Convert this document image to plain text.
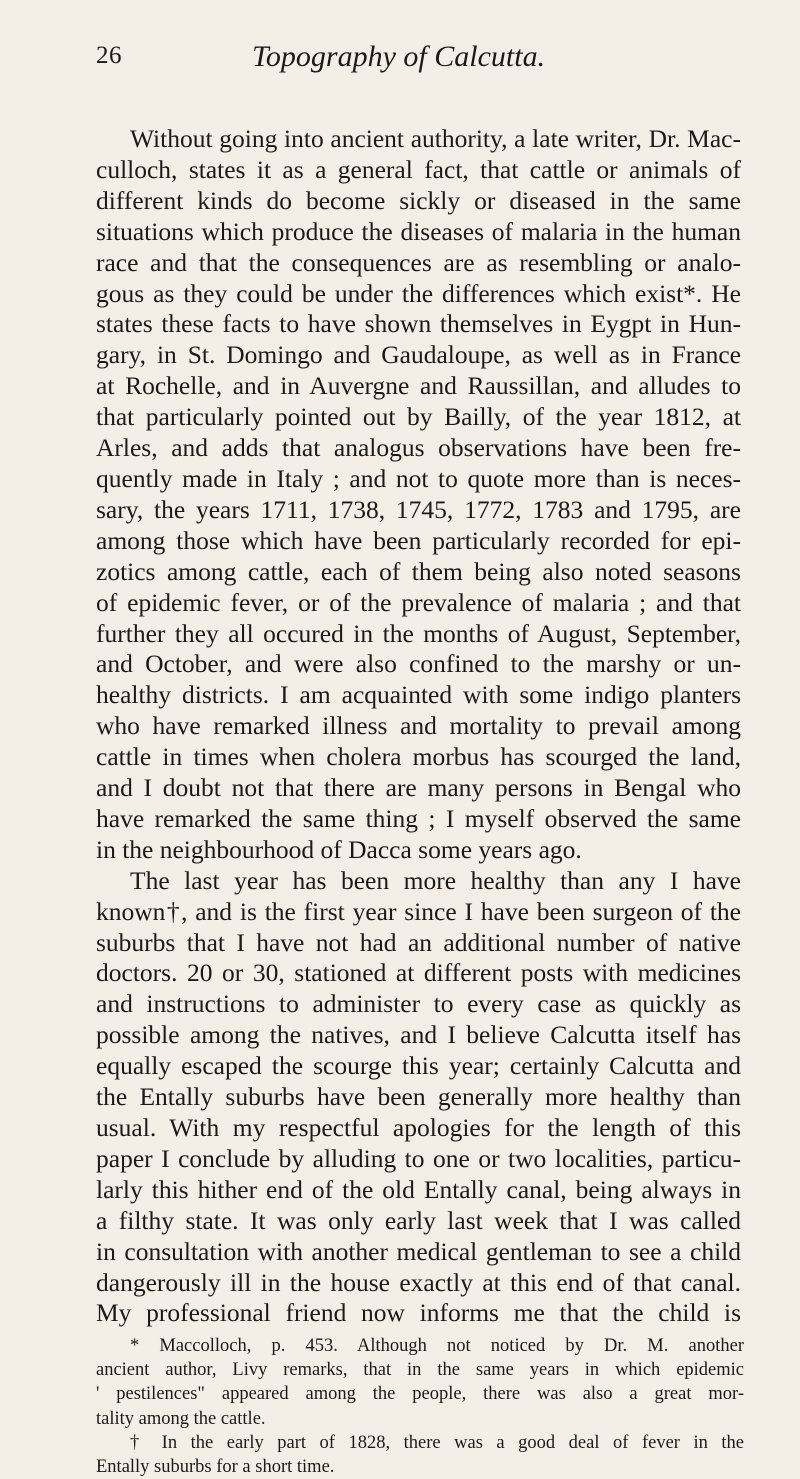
26	Topography of Calcutta.
Without going into ancient authority, a late writer, Dr. Mac-
culloch, states it as a general fact, that cattle or animals of
different kinds do become sickly or diseased in the same
situations which produce the diseases of malaria in the human
race and that the consequences are as resembling or analo-
gous as they could be under the differences which exist*. He
states these facts to have shown themselves in Eygpt in Hun-
gary, in St. Domingo and Gaudaloupe, as well as in France
at Rochelle, and in Auvergne and Raussillan, and alludes to
that particularly pointed out by Bailly, of the year 1812, at
Arles, and adds that analogus observations have been fre-
quently made in Italy ; and not to quote more than is neces-
sary, the years 1711, 1738, 1745, 1772, 1783 and 1795, are
among those which have been particularly recorded for epi-
zotics among cattle, each of them being also noted seasons
of epidemic fever, or of the prevalence of malaria ; and that
further they all occured in the months of August, September,
and October, and were also confined to the marshy or un-
healthy districts. I am acquainted with some indigo planters
who have remarked illness and mortality to prevail among
cattle in times when cholera morbus has scourged the land,
and I doubt not that there are many persons in Bengal who
have remarked the same thing ; I myself observed the same
in the neighbourhood of Dacca some years ago.
The last year has been more healthy than any I have
known†, and is the first year since I have been surgeon of the
suburbs that I have not had an additional number of native
doctors. 20 or 30, stationed at different posts with medicines
and instructions to administer to every case as quickly as
possible among the natives, and I believe Calcutta itself has
equally escaped the scourge this year; certainly Calcutta and
the Entally suburbs have been generally more healthy than
usual. With my respectful apologies for the length of this
paper I conclude by alluding to one or two localities, particu-
larly this hither end of the old Entally canal, being always in
a filthy state. It was only early last week that I was called
in consultation with another medical gentleman to see a child
dangerously ill in the house exactly at this end of that canal.
My professional friend now informs me that the child is
* Maccolloch, p. 453. Although not noticed by Dr. M. another
ancient author, Livy remarks, that in the same years in which epidemic
' pestilences" appeared among the people, there was also a great mor-
tality among the cattle.
† In the early part of 1828, there was a good deal of fever in the
Entally suburbs for a short time.
